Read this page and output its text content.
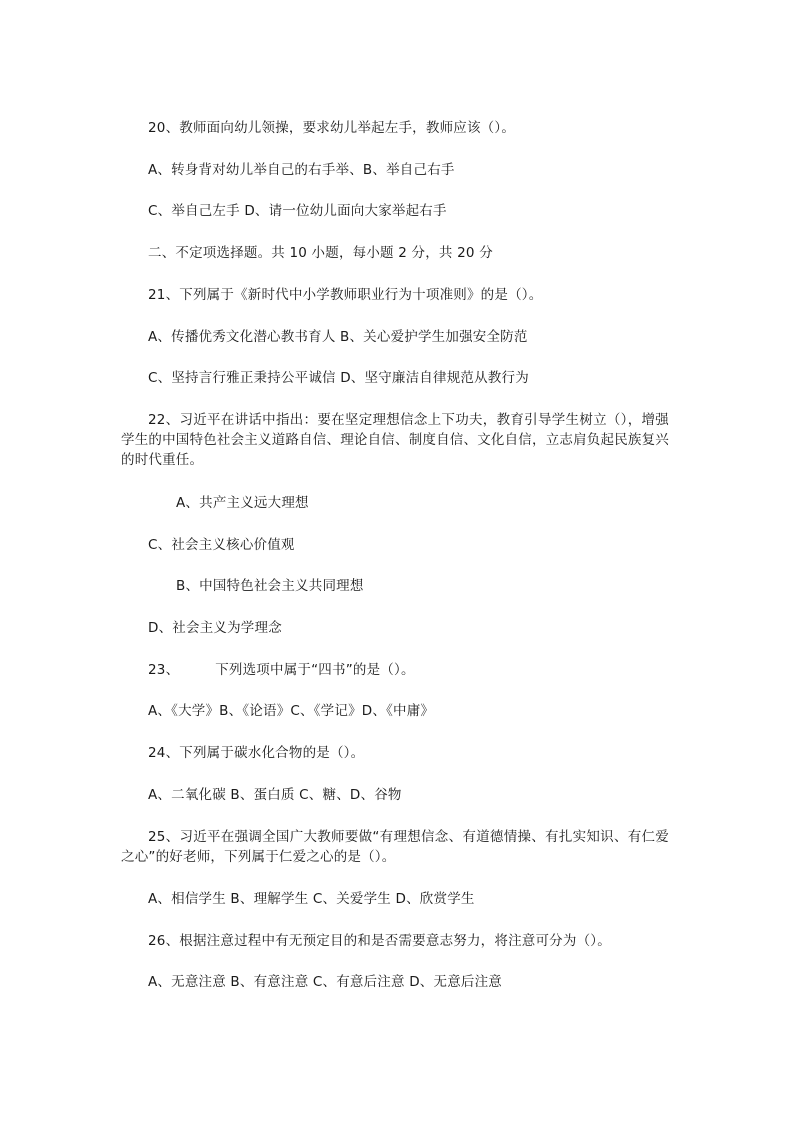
20、教师面向幼儿领操，要求幼儿举起左手，教师应该（）。
A、转身背对幼儿举自己的右手举、B、举自己右手
C、举自己左手 D、请一位幼儿面向大家举起右手
二、不定项选择题。共 10 小题，每小题 2 分，共 20 分
21、下列属于《新时代中小学教师职业行为十项准则》的是（）。
A、传播优秀文化潜心教书育人 B、关心爱护学生加强安全防范
C、坚持言行雅正秉持公平诚信 D、坚守廉洁自律规范从教行为
22、习近平在讲话中指出：要在坚定理想信念上下功夫，教育引导学生树立（），增强学生的中国特色社会主义道路自信、理论自信、制度自信、文化自信，立志肩负起民族复兴的时代重任。
A、共产主义远大理想
C、社会主义核心价值观
B、中国特色社会主义共同理想
D、社会主义为学理念
23、        下列选项中属于“四书”的是（）。
A、《大学》B、《论语》C、《学记》D、《中庸》
24、下列属于碳水化合物的是（）。
A、二氧化碳 B、蛋白质 C、糖、D、谷物
25、习近平在强调全国广大教师要做“有理想信念、有道德情操、有扎实知识、有仁爱之心”的好老师，下列属于仁爱之心的是（）。
A、相信学生 B、理解学生 C、关爱学生 D、欣赏学生
26、根据注意过程中有无预定目的和是否需要意志努力，将注意可分为（）。
A、无意注意 B、有意注意 C、有意后注意 D、无意后注意
